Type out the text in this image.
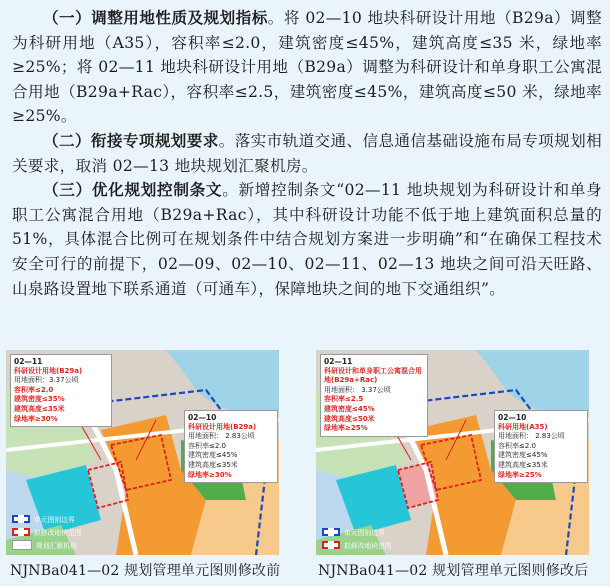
（一）调整用地性质及规划指标。将 02—10 地块科研设计用地（B29a）调整为科研用地（A35），容积率≤2.0，建筑密度≤45%，建筑高度≤35 米，绿地率≥25%；将 02—11 地块科研设计用地（B29a）调整为科研设计和单身职工公寓混合用地（B29a+Rac），容积率≤2.5，建筑密度≤45%，建筑高度≤50 米，绿地率≥25%。

（二）衔接专项规划要求。落实市轨道交通、信息通信基础设施布局专项规划相关要求，取消 02—13 地块规划汇聚机房。

（三）优化规划控制条文。新增控制条文“02—11 地块规划为科研设计和单身职工公寓混合用地（B29a+Rac），其中科研设计功能不低于地上建筑面积总量的 51%，具体混合比例可在规划条件中结合规划方案进一步明确”和“在确保工程技术安全可行的前提下，02—09、02—10、02—11、02—13 地块之间可沿天旺路、山泉路设置地下联系通道（可通车），保障地块之间的地下交通组织”。

02—11
科研设计用地(B29a)
用地面积：3.37公顷
容积率≤2.0
建筑密度≤35%
建筑高度≤35米
绿地率≥30%	02—10
科研设计用地(B29a)
用地面积： 2.83公顷
容积率≤2.0
建筑密度≤45%
建筑高度≤35米
绿地率≥30%
单元图则边界
拟修改地块范围
规划汇聚机房
NJNBa041—02 规划管理单元图则修改前
02—11
科研设计和单身职工公寓混合用地(B29a+Rac)
用地面积： 3.37公顷
容积率≤2.5
建筑密度≤45%
建筑高度≤50米
绿地率≥25%
02—10
科研用地(A35)
用地面积： 2.83公顷
容积率≤2.0
建筑密度≤45%
建筑高度≤35米
绿地率≥25%
单元图则边界
拟修改地块范围
NJNBa041—02 规划管理单元图则修改后
